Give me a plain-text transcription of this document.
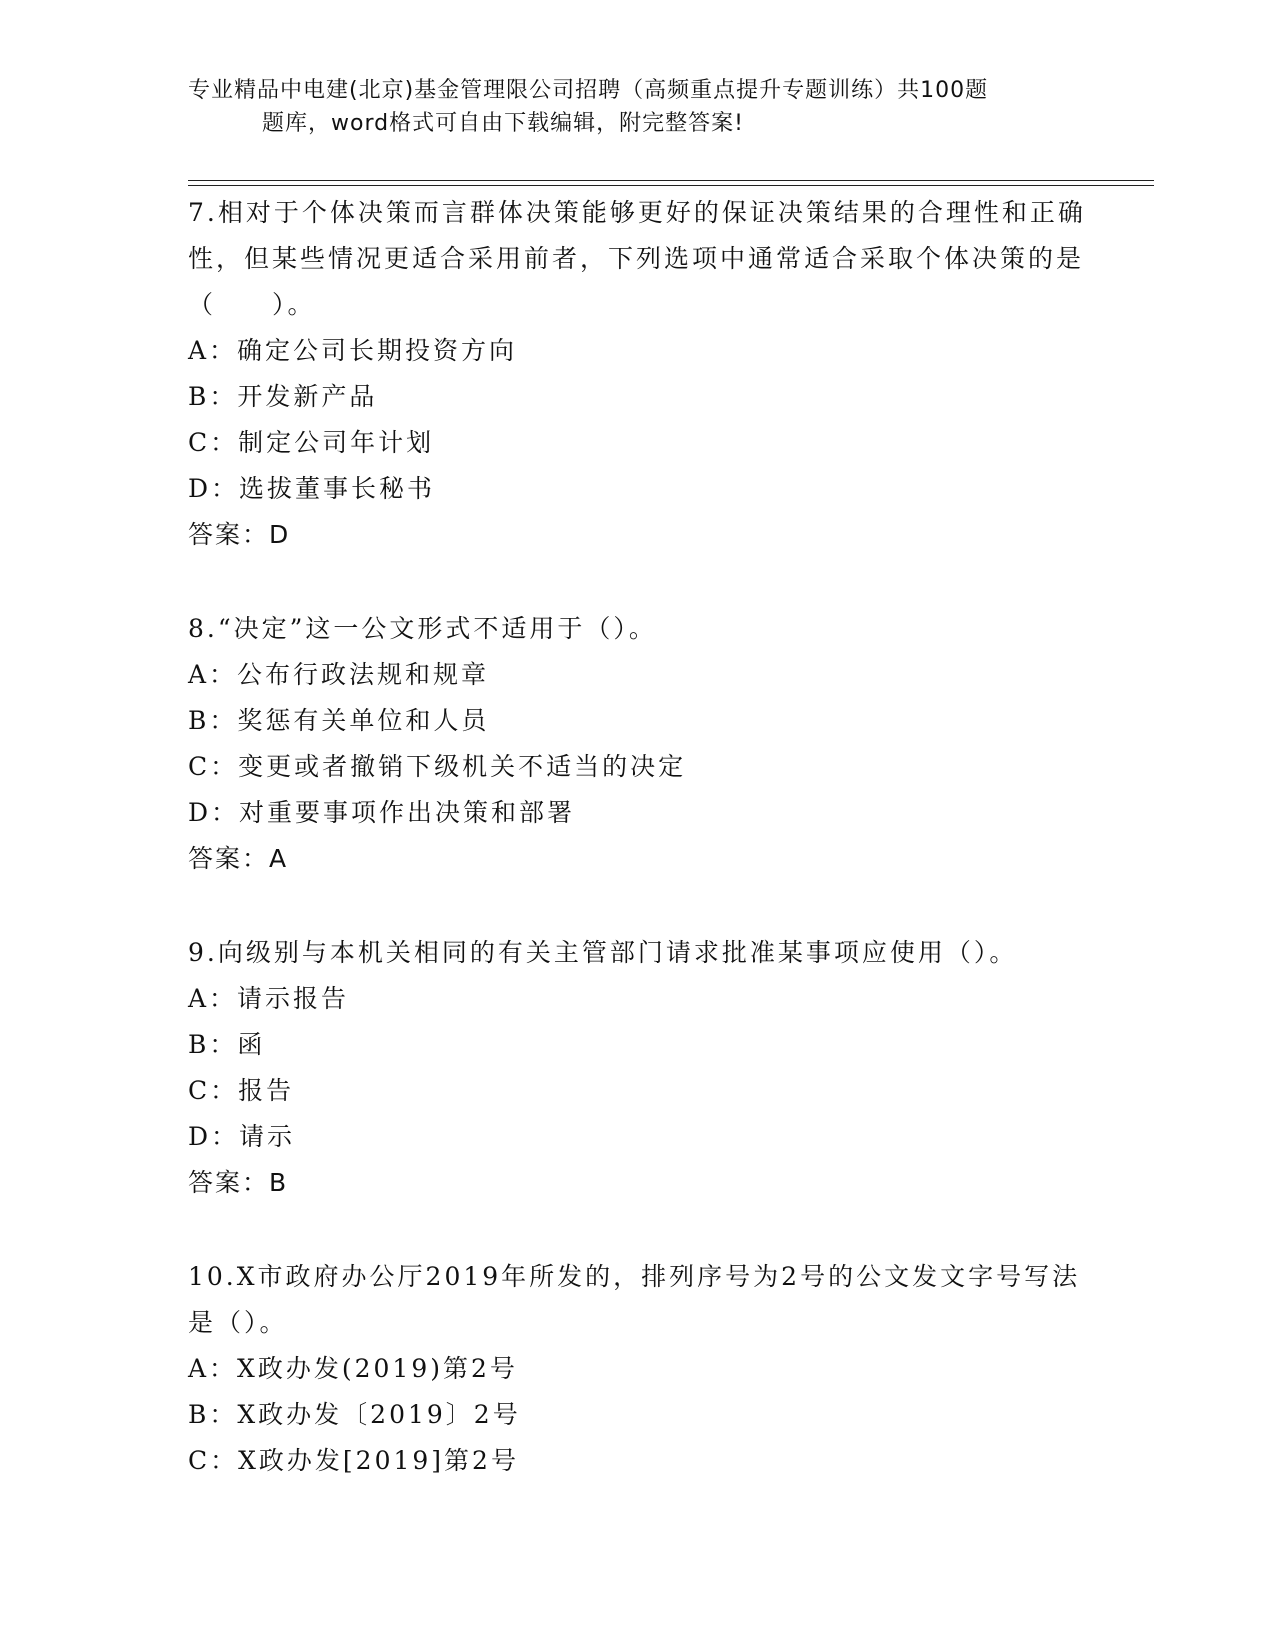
专业精品中电建(北京)基金管理限公司招聘（高频重点提升专题训练）共100题
题库，word格式可自由下载编辑，附完整答案!

7.相对于个体决策而言群体决策能够更好的保证决策结果的合理性和正确性，但某些情况更适合采用前者，下列选项中通常适合采取个体决策的是（　　）。

A：确定公司长期投资方向

B：开发新产品

C：制定公司年计划

D：选拔董事长秘书

答案：D

8.“决定”这一公文形式不适用于（）。

A：公布行政法规和规章

B：奖惩有关单位和人员

C：变更或者撤销下级机关不适当的决定

D：对重要事项作出决策和部署

答案：A

9.向级别与本机关相同的有关主管部门请求批准某事项应使用（）。

A：请示报告

B：函

C：报告

D：请示

答案：B

10.X市政府办公厅2019年所发的，排列序号为2号的公文发文字号写法是（）。

A：X政办发(2019)第2号

B：X政办发〔2019〕2号

C：X政办发[2019]第2号
